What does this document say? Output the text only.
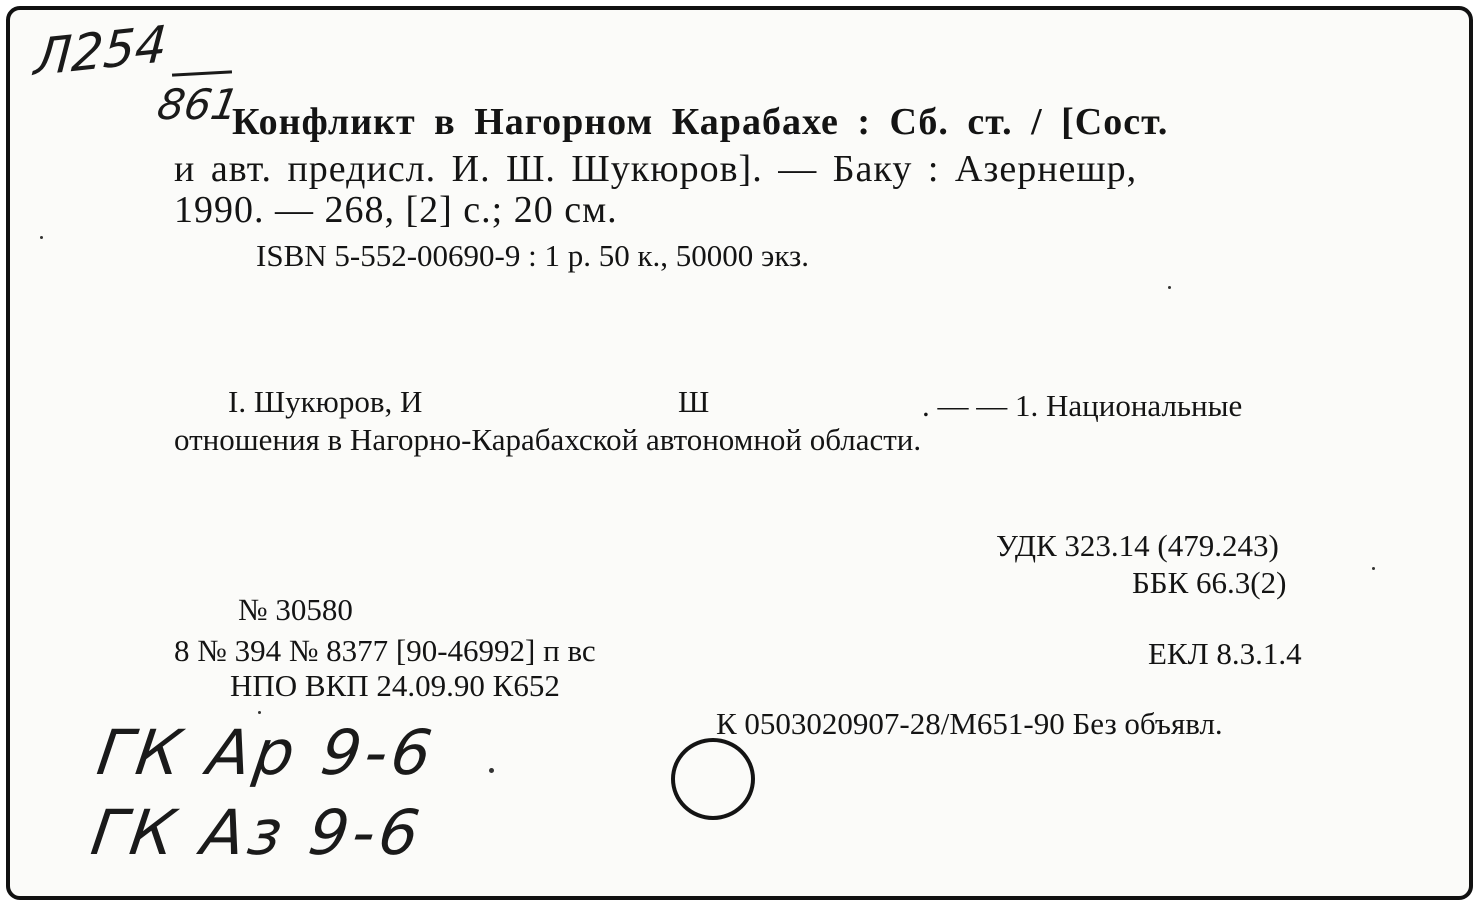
Л254
861
Конфликт в Нагорном Карабахе : Сб. ст. / [Сост.
и авт. предисл. И. Ш. Шукюров]. — Баку : Азернешр,
1990. — 268, [2] с.; 20 см.
ISBN 5-552-00690-9 : 1 р. 50 к., 50000 экз.
I. Шукюров, И	Ш	. — — 1. Национальные
отношения в Нагорно-Карабахской автономной области.
УДК 323.14 (479.243)
ББК 66.3(2)
ЕКЛ 8.3.1.4
№ 30580
8 № 394 № 8377 [90-46992] п вс
НПО ВКП 24.09.90 К652
К 0503020907-28/М651-90 Без объявл.
ГК Ар 9-6
ГК Аз 9-6
